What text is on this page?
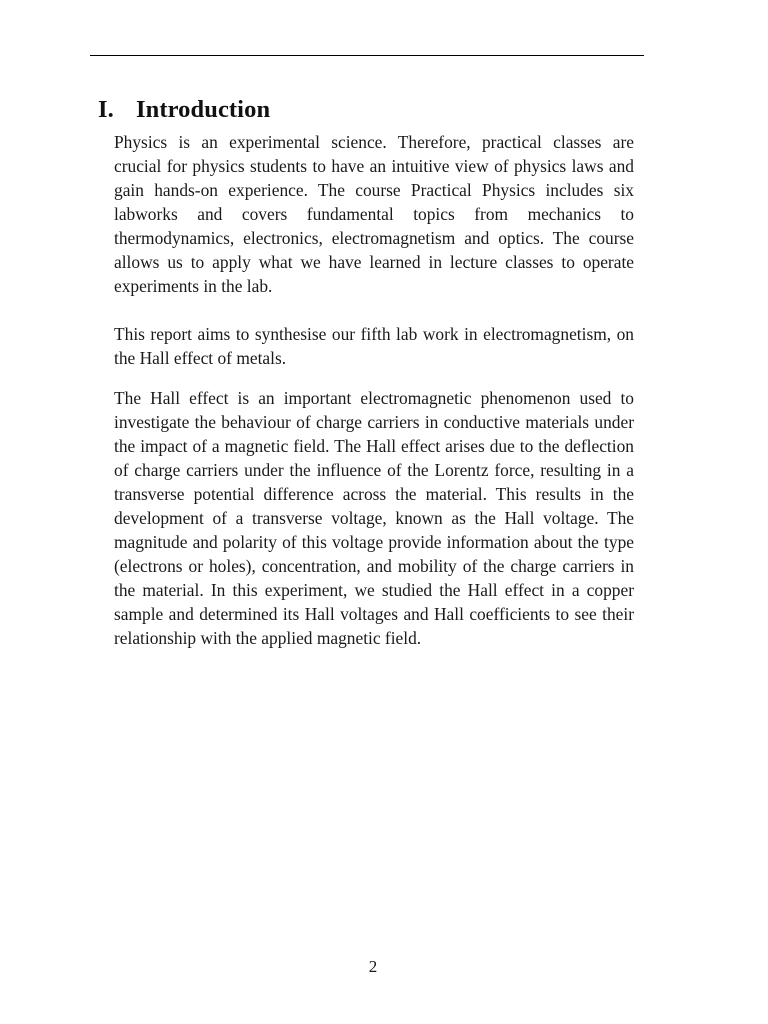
I. Introduction
Physics is an experimental science. Therefore, practical classes are
crucial for physics students to have an intuitive view of physics laws and
gain hands-on experience. The course Practical Physics includes six
labworks and covers fundamental topics from mechanics to
thermodynamics, electronics, electromagnetism and optics. The course
allows us to apply what we have learned in lecture classes to operate
experiments in the lab.
This report aims to synthesise our fifth lab work in electromagnetism, on
the Hall effect of metals.
The Hall effect is an important electromagnetic phenomenon used to
investigate the behaviour of charge carriers in conductive materials under
the impact of a magnetic field. The Hall effect arises due to the deflection
of charge carriers under the influence of the Lorentz force, resulting in a
transverse potential difference across the material. This results in the
development of a transverse voltage, known as the Hall voltage. The
magnitude and polarity of this voltage provide information about the type
(electrons or holes), concentration, and mobility of the charge carriers in
the material. In this experiment, we studied the Hall effect in a copper
sample and determined its Hall voltages and Hall coefficients to see their
relationship with the applied magnetic field.
2
